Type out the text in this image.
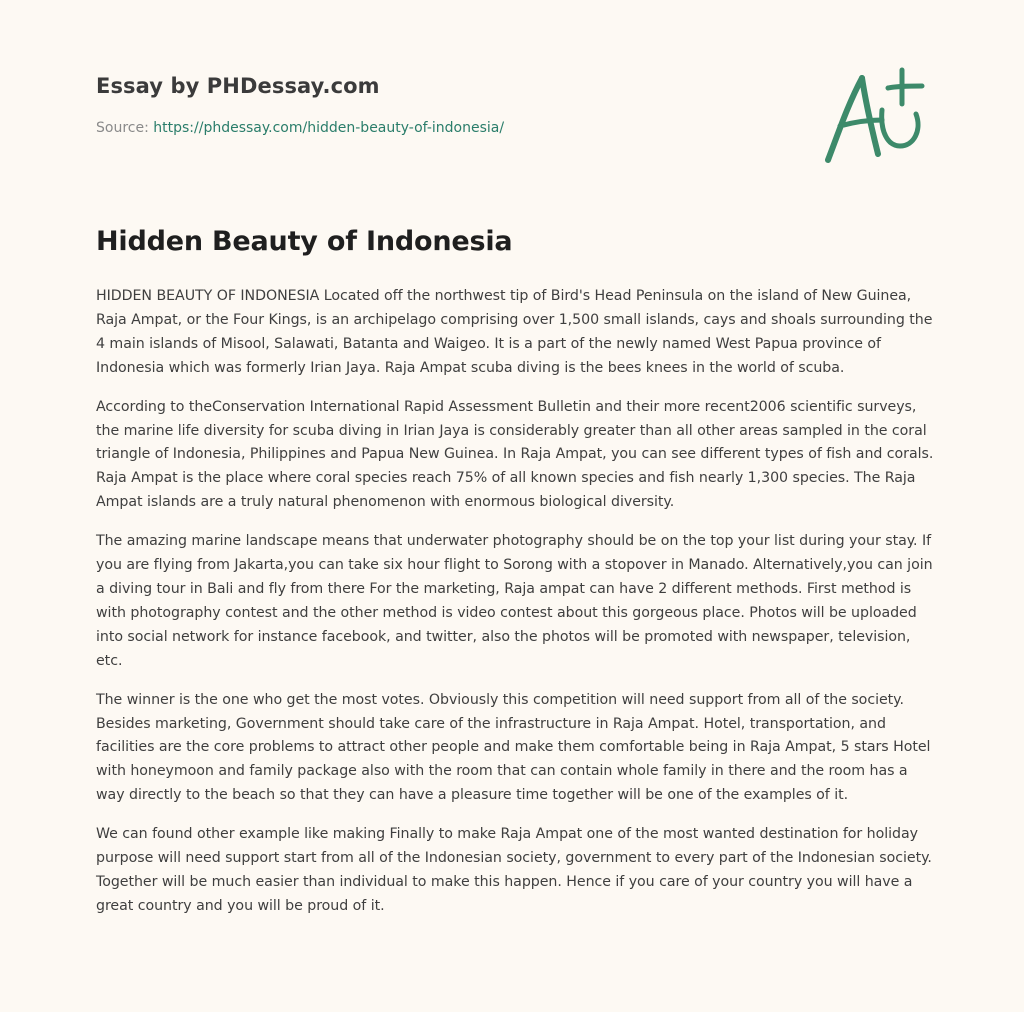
Essay by PHDessay.com
Source: https://phdessay.com/hidden-beauty-of-indonesia/
Hidden Beauty of Indonesia

HIDDEN BEAUTY OF INDONESIA Located off the northwest tip of Bird's Head Peninsula on the island of New Guinea, Raja Ampat, or the Four Kings, is an archipelago comprising over 1,500 small islands, cays and shoals surrounding the 4 main islands of Misool, Salawati, Batanta and Waigeo. It is a part of the newly named West Papua province of Indonesia which was formerly Irian Jaya. Raja Ampat scuba diving is the bees knees in the world of scuba.

According to theConservation International Rapid Assessment Bulletin and their more recent2006 scientific surveys, the marine life diversity for scuba diving in Irian Jaya is considerably greater than all other areas sampled in the coral triangle of Indonesia, Philippines and Papua New Guinea. In Raja Ampat, you can see different types of fish and corals. Raja Ampat is the place where coral species reach 75% of all known species and fish nearly 1,300 species. The Raja Ampat islands are a truly natural phenomenon with enormous biological diversity.

The amazing marine landscape means that underwater photography should be on the top your list during your stay. If you are flying from Jakarta,you can take six hour flight to Sorong with a stopover in Manado. Alternatively,you can join a diving tour in Bali and fly from there For the marketing, Raja ampat can have 2 different methods. First method is with photography contest and the other method is video contest about this gorgeous place. Photos will be uploaded into social network for instance facebook, and twitter, also the photos will be promoted with newspaper, television, etc.

The winner is the one who get the most votes. Obviously this competition will need support from all of the society. Besides marketing, Government should take care of the infrastructure in Raja Ampat. Hotel, transportation, and facilities are the core problems to attract other people and make them comfortable being in Raja Ampat, 5 stars Hotel with honeymoon and family package also with the room that can contain whole family in there and the room has a way directly to the beach so that they can have a pleasure time together will be one of the examples of it.

We can found other example like making Finally to make Raja Ampat one of the most wanted destination for holiday purpose will need support start from all of the Indonesian society, government to every part of the Indonesian society. Together will be much easier than individual to make this happen. Hence if you care of your country you will have a great country and you will be proud of it.
